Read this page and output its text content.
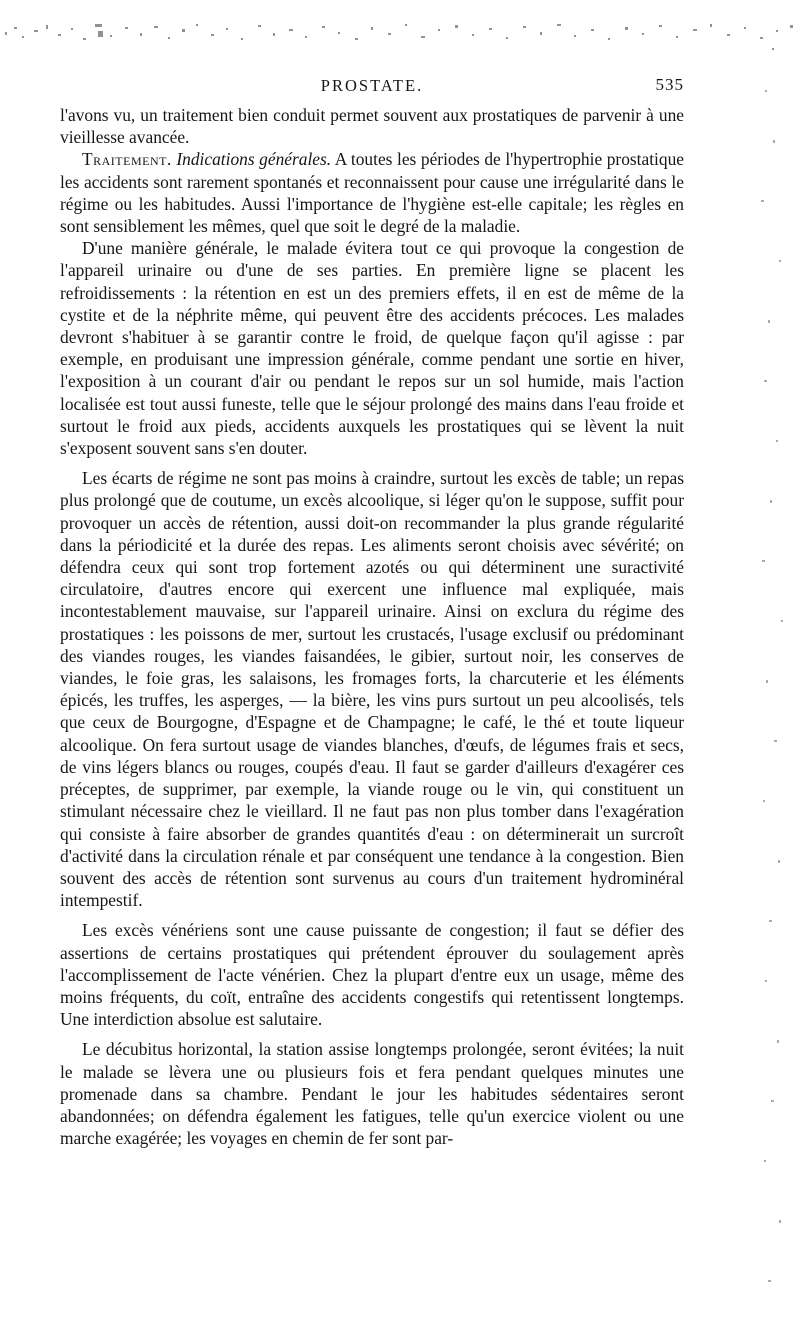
PROSTATE.	535

l'avons vu, un traitement bien conduit permet souvent aux prostatiques de parvenir à une vieillesse avancée.

Traitement. Indications générales. A toutes les périodes de l'hypertrophie prostatique les accidents sont rarement spontanés et reconnaissent pour cause une irrégularité dans le régime ou les habitudes. Aussi l'importance de l'hygiène est-elle capitale; les règles en sont sensiblement les mêmes, quel que soit le degré de la maladie.

D'une manière générale, le malade évitera tout ce qui provoque la congestion de l'appareil urinaire ou d'une de ses parties. En première ligne se placent les refroidissements : la rétention en est un des premiers effets, il en est de même de la cystite et de la néphrite même, qui peuvent être des accidents précoces. Les malades devront s'habituer à se garantir contre le froid, de quelque façon qu'il agisse : par exemple, en produisant une impression générale, comme pendant une sortie en hiver, l'exposition à un courant d'air ou pendant le repos sur un sol humide, mais l'action localisée est tout aussi funeste, telle que le séjour prolongé des mains dans l'eau froide et surtout le froid aux pieds, accidents auxquels les prostatiques qui se lèvent la nuit s'exposent souvent sans s'en douter.

Les écarts de régime ne sont pas moins à craindre, surtout les excès de table; un repas plus prolongé que de coutume, un excès alcoolique, si léger qu'on le suppose, suffit pour provoquer un accès de rétention, aussi doit-on recommander la plus grande régularité dans la périodicité et la durée des repas. Les aliments seront choisis avec sévérité; on défendra ceux qui sont trop fortement azotés ou qui déterminent une suractivité circulatoire, d'autres encore qui exercent une influence mal expliquée, mais incontestablement mauvaise, sur l'appareil urinaire. Ainsi on exclura du régime des prostatiques : les poissons de mer, surtout les crustacés, l'usage exclusif ou prédominant des viandes rouges, les viandes faisandées, le gibier, surtout noir, les conserves de viandes, le foie gras, les salaisons, les fromages forts, la charcuterie et les éléments épicés, les truffes, les asperges, — la bière, les vins purs surtout un peu alcoolisés, tels que ceux de Bourgogne, d'Espagne et de Champagne; le café, le thé et toute liqueur alcoolique. On fera surtout usage de viandes blanches, d'œufs, de légumes frais et secs, de vins légers blancs ou rouges, coupés d'eau. Il faut se garder d'ailleurs d'exagérer ces préceptes, de supprimer, par exemple, la viande rouge ou le vin, qui constituent un stimulant nécessaire chez le vieillard. Il ne faut pas non plus tomber dans l'exagération qui consiste à faire absorber de grandes quantités d'eau : on déterminerait un surcroît d'activité dans la circulation rénale et par conséquent une tendance à la congestion. Bien souvent des accès de rétention sont survenus au cours d'un traitement hydrominéral intempestif.

Les excès vénériens sont une cause puissante de congestion; il faut se défier des assertions de certains prostatiques qui prétendent éprouver du soulagement après l'accomplissement de l'acte vénérien. Chez la plupart d'entre eux un usage, même des moins fréquents, du coït, entraîne des accidents congestifs qui retentissent longtemps. Une interdiction absolue est salutaire.

Le décubitus horizontal, la station assise longtemps prolongée, seront évitées; la nuit le malade se lèvera une ou plusieurs fois et fera pendant quelques minutes une promenade dans sa chambre. Pendant le jour les habitudes sédentaires seront abandonnées; on défendra également les fatigues, telle qu'un exercice violent ou une marche exagérée; les voyages en chemin de fer sont par-
